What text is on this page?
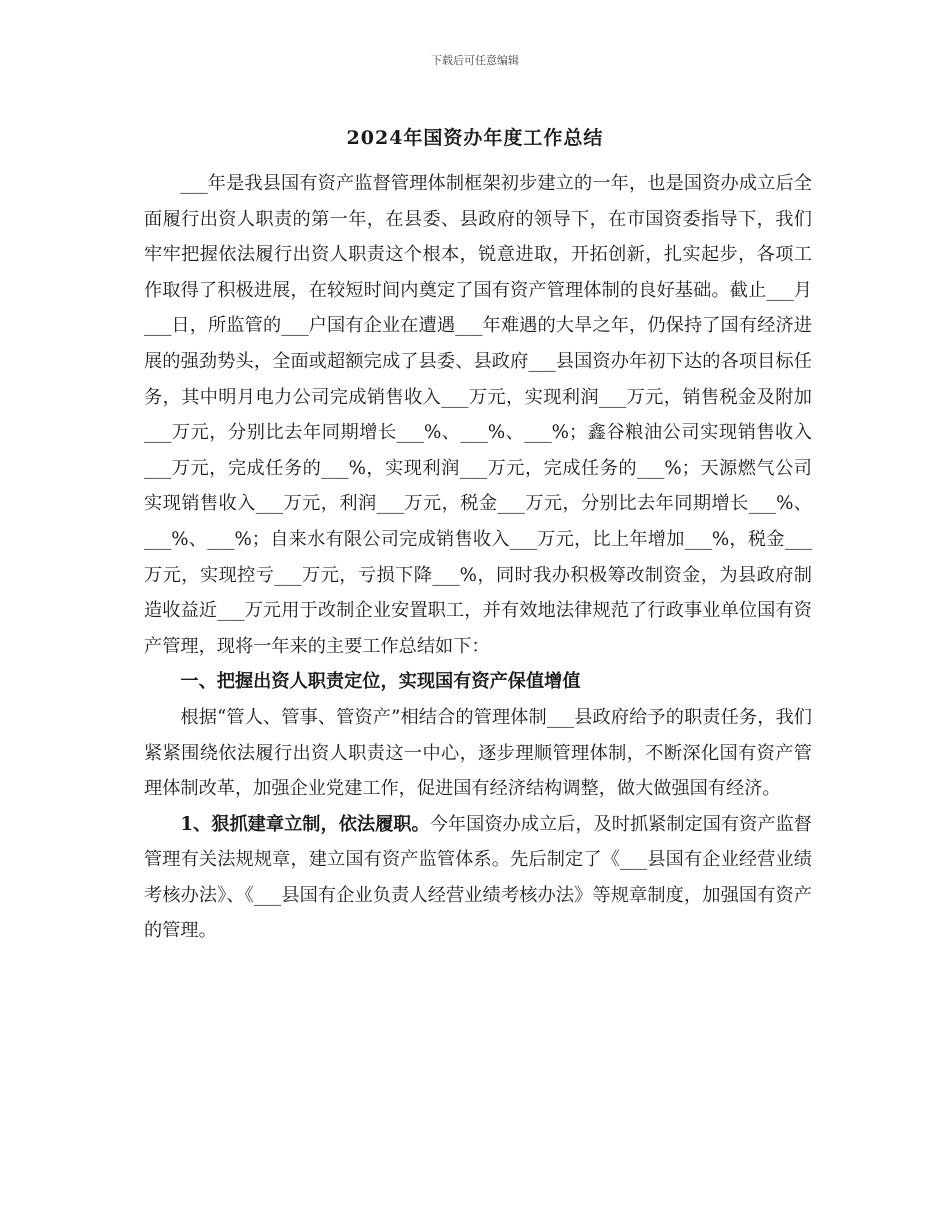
下载后可任意编辑
2024年国资办年度工作总结

___年是我县国有资产监督管理体制框架初步建立的一年，也是国资办成立后全面履行出资人职责的第一年，在县委、县政府的领导下，在市国资委指导下，我们牢牢把握依法履行出资人职责这个根本，锐意进取，开拓创新，扎实起步，各项工作取得了积极进展，在较短时间内奠定了国有资产管理体制的良好基础。截止___月___日，所监管的___户国有企业在遭遇___年难遇的大旱之年，仍保持了国有经济进展的强劲势头，全面或超额完成了县委、县政府___县国资办年初下达的各项目标任务，其中明月电力公司完成销售收入___万元，实现利润___万元，销售税金及附加___万元，分别比去年同期增长___%、___%、___%；鑫谷粮油公司实现销售收入___万元，完成任务的___%，实现利润___万元，完成任务的___%；天源燃气公司实现销售收入___万元，利润___万元，税金___万元，分别比去年同期增长___%、___%、___%；自来水有限公司完成销售收入___万元，比上年增加___%，税金___万元，实现控亏___万元，亏损下降___%，同时我办积极筹改制资金，为县政府制造收益近___万元用于改制企业安置职工，并有效地法律规范了行政事业单位国有资产管理，现将一年来的主要工作总结如下：

一、把握出资人职责定位，实现国有资产保值增值

根据“管人、管事、管资产”相结合的管理体制___县政府给予的职责任务，我们紧紧围绕依法履行出资人职责这一中心，逐步理顺管理体制，不断深化国有资产管理体制改革，加强企业党建工作，促进国有经济结构调整，做大做强国有经济。

1、狠抓建章立制，依法履职。今年国资办成立后，及时抓紧制定国有资产监督管理有关法规规章，建立国有资产监管体系。先后制定了《___县国有企业经营业绩考核办法》、《___县国有企业负责人经营业绩考核办法》等规章制度，加强国有资产的管理。
